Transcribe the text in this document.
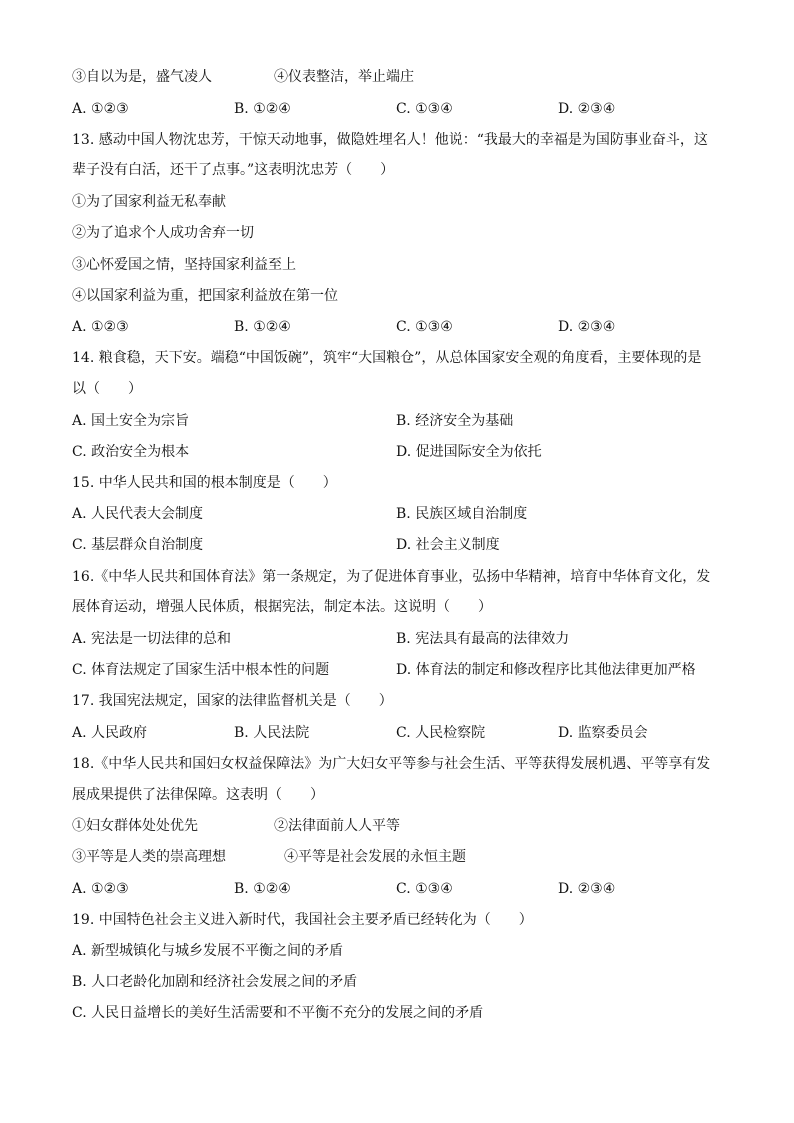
③自以为是，盛气凌人	④仪表整洁，举止端庄
A. ①②③	B. ①②④	C. ①③④	D. ②③④
13. 感动中国人物沈忠芳，干惊天动地事，做隐姓埋名人！他说：“我最大的幸福是为国防事业奋斗，这
辈子没有白活，还干了点事。”这表明沈忠芳（　　）
①为了国家利益无私奉献
②为了追求个人成功舍弃一切
③心怀爱国之情，坚持国家利益至上
④以国家利益为重，把国家利益放在第一位
A. ①②③	B. ①②④	C. ①③④	D. ②③④
14. 粮食稳，天下安。端稳“中国饭碗”，筑牢“大国粮仓”，从总体国家安全观的角度看，主要体现的是
以（　　）
A. 国土安全为宗旨	B. 经济安全为基础
C. 政治安全为根本	D. 促进国际安全为依托
15. 中华人民共和国的根本制度是（　　）
A. 人民代表大会制度	B. 民族区域自治制度
C. 基层群众自治制度	D. 社会主义制度
16.《中华人民共和国体育法》第一条规定，为了促进体育事业，弘扬中华精神，培育中华体育文化，发
展体育运动，增强人民体质，根据宪法，制定本法。这说明（　　）
A. 宪法是一切法律的总和	B. 宪法具有最高的法律效力
C. 体育法规定了国家生活中根本性的问题	D. 体育法的制定和修改程序比其他法律更加严格
17. 我国宪法规定，国家的法律监督机关是（　　）
A. 人民政府	B. 人民法院	C. 人民检察院	D. 监察委员会
18.《中华人民共和国妇女权益保障法》为广大妇女平等参与社会生活、平等获得发展机遇、平等享有发
展成果提供了法律保障。这表明（　　）
①妇女群体处处优先	②法律面前人人平等
③平等是人类的崇高理想	④平等是社会发展的永恒主题
A. ①②③	B. ①②④	C. ①③④	D. ②③④
19. 中国特色社会主义进入新时代，我国社会主要矛盾已经转化为（　　）
A. 新型城镇化与城乡发展不平衡之间的矛盾
B. 人口老龄化加剧和经济社会发展之间的矛盾
C. 人民日益增长的美好生活需要和不平衡不充分的发展之间的矛盾
